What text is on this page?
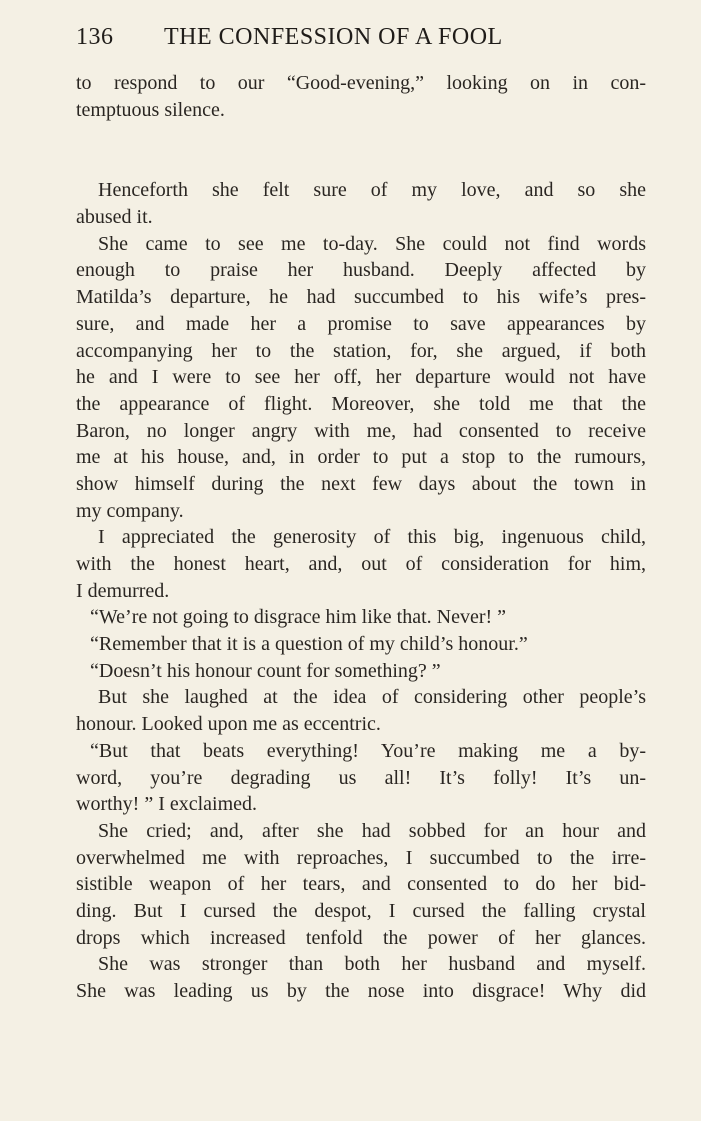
136 THE CONFESSION OF A FOOL
to respond to our “Good-evening,” looking on in con-
temptuous silence.
Henceforth she felt sure of my love, and so she
abused it.
She came to see me to-day. She could not find words
enough to praise her husband. Deeply affected by
Matilda’s departure, he had succumbed to his wife’s pres-
sure, and made her a promise to save appearances by
accompanying her to the station, for, she argued, if both
he and I were to see her off, her departure would not have
the appearance of flight. Moreover, she told me that the
Baron, no longer angry with me, had consented to receive
me at his house, and, in order to put a stop to the rumours,
show himself during the next few days about the town in
my company.
I appreciated the generosity of this big, ingenuous child,
with the honest heart, and, out of consideration for him,
I demurred.
“We’re not going to disgrace him like that. Never! ”
“Remember that it is a question of my child’s honour.”
“Doesn’t his honour count for something? ”
But she laughed at the idea of considering other people’s
honour. Looked upon me as eccentric.
“But that beats everything! You’re making me a by-
word, you’re degrading us all! It’s folly! It’s un-
worthy! ” I exclaimed.
She cried; and, after she had sobbed for an hour and
overwhelmed me with reproaches, I succumbed to the irre-
sistible weapon of her tears, and consented to do her bid-
ding. But I cursed the despot, I cursed the falling crystal
drops which increased tenfold the power of her glances.
She was stronger than both her husband and myself.
She was leading us by the nose into disgrace! Why did
